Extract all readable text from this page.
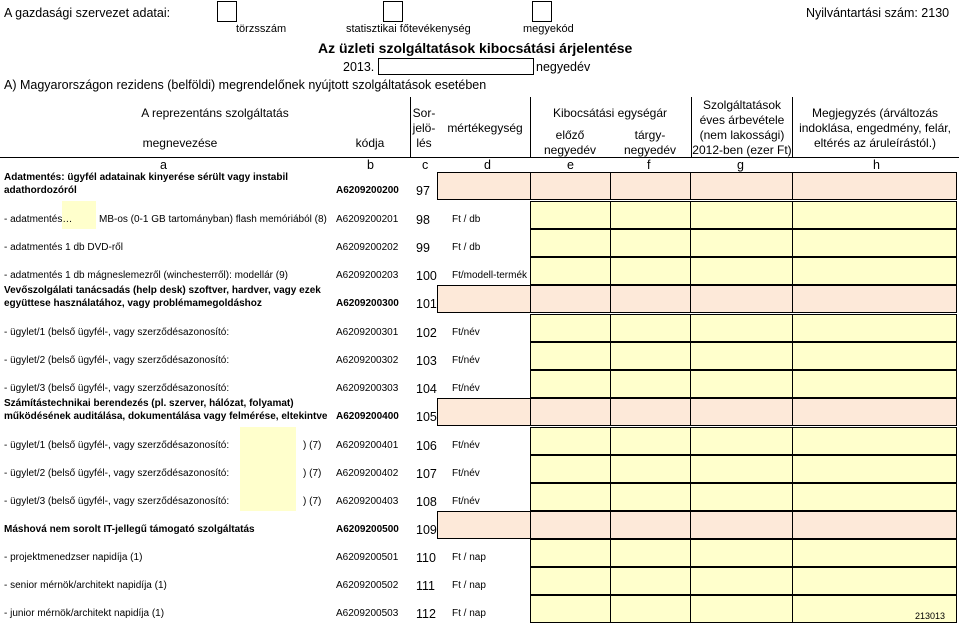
A gazdasági szervezet adatai:	Nyilvántartási szám: 2130
törzsszám	statisztikai főtevékenység	megyekód
Az üzleti szolgáltatások kibocsátási árjelentése
2013.	negyedév
A) Magyarországon rezidens (belföldi) megrendelőnek nyújtott szolgáltatások esetében
A reprezentáns szolgáltatás
megnevezése	kódja
Sor-
jelö-
lés
mértékegység
Kibocsátási egységár
előző
negyedév
tárgy-
negyedév
Szolgáltatások
éves árbevétele
(nem lakossági)
2012-ben (ezer Ft)
Megjegyzés (árváltozás
indoklása, engedmény, felár,
eltérés az áruleírástól.)
a	b	c	d	e	f	g	h
Adatmentés: ügyfél adatainak kinyerése sérült vagy instabil
adathordozóról	A6209200200 97
- adatmentés…	MB-os (0-1 GB tartományban) flash memóriából (8) A6209200201 98 Ft / db
- adatmentés 1 db DVD-ről	A6209200202 99 Ft / db
- adatmentés 1 db mágneslemezről (winchesterről): modellár (9)	A6209200203 100 Ft/modell-termék
Vevőszolgálati tanácsadás (help desk) szoftver, hardver, vagy ezek
együttese használatához, vagy problémamegoldáshoz	A6209200300 101
- ügylet/1 (belső ügyfél-, vagy szerződésazonosító:	A6209200301 102 Ft/név
- ügylet/2 (belső ügyfél-, vagy szerződésazonosító:	A6209200302 103 Ft/név
- ügylet/3 (belső ügyfél-, vagy szerződésazonosító:	A6209200303 104 Ft/név
Számítástechnikai berendezés (pl. szerver, hálózat, folyamat)
működésének auditálása, dokumentálása vagy felmérése, eltekintve A6209200400 105
- ügylet/1 (belső ügyfél-, vagy szerződésazonosító:	) (7) A6209200401 106 Ft/név
- ügylet/2 (belső ügyfél-, vagy szerződésazonosító:	) (7) A6209200402 107 Ft/név
- ügylet/3 (belső ügyfél-, vagy szerződésazonosító:	) (7) A6209200403 108 Ft/név
Máshová nem sorolt IT-jellegű támogató szolgáltatás	A6209200500 109
- projektmenedzser napidíja (1)	A6209200501 110 Ft / nap
- senior mérnök/architekt napidíja (1)	A6209200502 111 Ft / nap
- junior mérnök/architekt napidíja (1)	A6209200503 112 Ft / nap	213013
